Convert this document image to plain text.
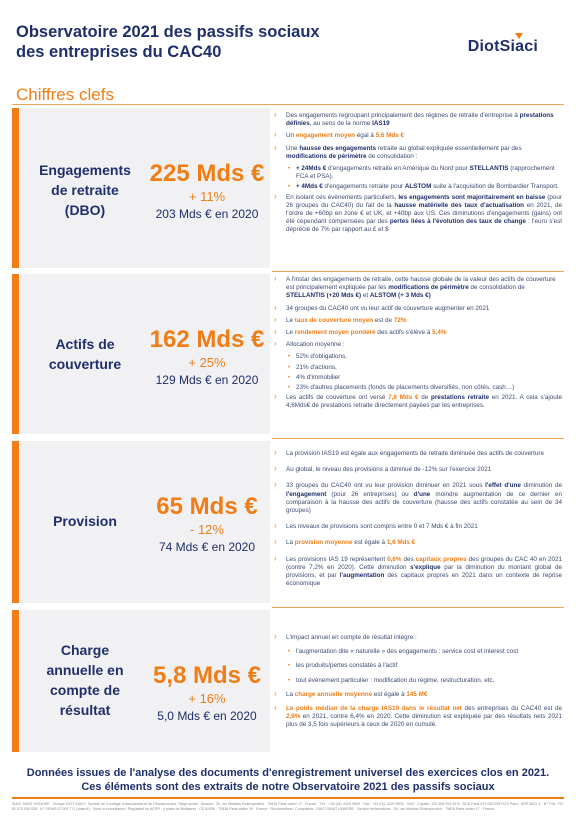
Observatoire 2021 des passifs sociaux
des entreprises du CAC40	DiotSiaci
Chiffres clefs
Engagements
de retraite
(DBO)
225 Mds €
+ 11%
203 Mds € en 2020
› Des engagements regroupant principalement des régimes de retraite d'entreprise à prestations définies, au sens de la norme IAS19
› Un engagement moyen égal à 5,6 Mds €
› Une hausse des engagements retraite au global expliquée essentiellement par des modifications de périmètre de consolidation :
• + 24Mds € d'engagements retraite en Amérique du Nord pour STELLANTIS (rapprochement FCA et PSA).
• + 4Mds € d'engagements retraite pour ALSTOM suite à l'acquisition de Bombardier Transport.
› En isolant ces évènements particuliers, les engagements sont majoritairement en baisse (pour 26 groupes du CAC40) du fait de la hausse matérielle des taux d'actualisation en 2021, de l'ordre de +60bp en zone € et UK, et +40bp aux US. Ces diminutions d'engagements (gains) ont été cependant compensées par des pertes liées à l'évolution des taux de change : l'euro s'est déprécié de 7% par rapport au £ et $
Actifs de
couverture
162 Mds €
+ 25%
129 Mds € en 2020
› A l'instar des engagements de retraite, cette hausse globale de la valeur des actifs de couverture est principalement expliquée par les modifications de périmètre de consolidation de STELLANTIS (+20 Mds €) et ALSTOM (+ 3 Mds €)
› 34 groupes du CAC40 ont vu leur actif de couverture augmenter en 2021
› Le taux de couverture moyen est de 72%
› Le rendement moyen pondéré des actifs s'élève à 5,4%
› Allocation moyenne :
• 52% d'obligations,
• 21% d'actions,
• 4% d'immobilier
• 23% d'autres placements (fonds de placements diversifiés, non côtés, cash…)
› Les actifs de couverture ont versé 7,8 Mds € de prestations retraite en 2021. A cela s'ajoute 4,6Mds€ de prestations retraite directement payées par les entreprises.
Provision
65 Mds €
- 12%
74 Mds € en 2020
› La provision IAS19 est égale aux engagements de retraite diminuée des actifs de couverture
› Au global, le niveau des provisions a diminué de -12% sur l'exercice 2021
› 33 groupes du CAC40 ont vu leur provision diminuer en 2021 sous l'effet d'une diminution de l'engagement (pour 26 entreprises) ou d'une moindre augmentation de ce dernier en comparaison à la hausse des actifs de couverture (hausse des actifs constatée au sein de 34 groupes)
› Les niveaux de provisions sont compris entre 0 et 7 Mds € à fin 2021
› La provision moyenne est égale à 1,6 Mds €
› Les provisions IAS 19 représentent 6,6% des capitaux propres des groupes du CAC 40 en 2021 (contre 7,2% en 2020). Cette diminution s'explique par la diminution du montant global de provisions, et par l'augmentation des capitaux propres en 2021 dans un contexte de reprise économique
Charge
annuelle en
compte de
résultat
5,8 Mds €
+ 16%
5,0 Mds € en 2020
› L'impact annuel en compte de résultat intègre :
• l'augmentation dite « naturelle » des engagements : service cost et interest cost
• les produits/pertes constatés à l'actif
• tout évènement particulier : modification du régime, restructuration, etc.
› La charge annuelle moyenne est égale à 145 M€
› Le poids médian de la charge IAS19 dans le résultat net des entreprises du CAC40 est de 2,9% en 2021, contre 6,4% en 2020. Cette diminution est expliquée par des résultats nets 2021 plus de 3,5 fois supérieurs à ceux de 2020 en cumulé.
Données issues de l'analyse des documents d'enregistrement universel des exercices clos en 2021.
Ces éléments sont des extraits de notre Observatoire 2021 des passifs sociaux
SIACI SAINT HONORE · Groupe DIOT-SIACI · Société de Courtage d'Assurances et de Réassurances. Siège social : Season · 39, rue Mstislav Rostropovitch · 75815 Paris cedex 17 · France · Tél. : +33 (0)1 4420 9999 · Fax : +33 (0)1 4420 9505 · SAS · Capital : 120 356 991,92 € · RCS Paris 572 030 035 RCS Paris · APE 6622 Z · N° TVA : FR 81 572 030 035 · N° ORIAS 07 000 771 (orias.fr) · Sous la surveillance / Regulated by ACPR · 4 place de Budapest · CS 92459 · 75436 Paris cedex 09 · France · Réclamations / Complaints : SIACI SAINT HONORE · Service réclamations · 39, rue Mstislav Rostropovitch · 75815 Paris cedex 17 · France
